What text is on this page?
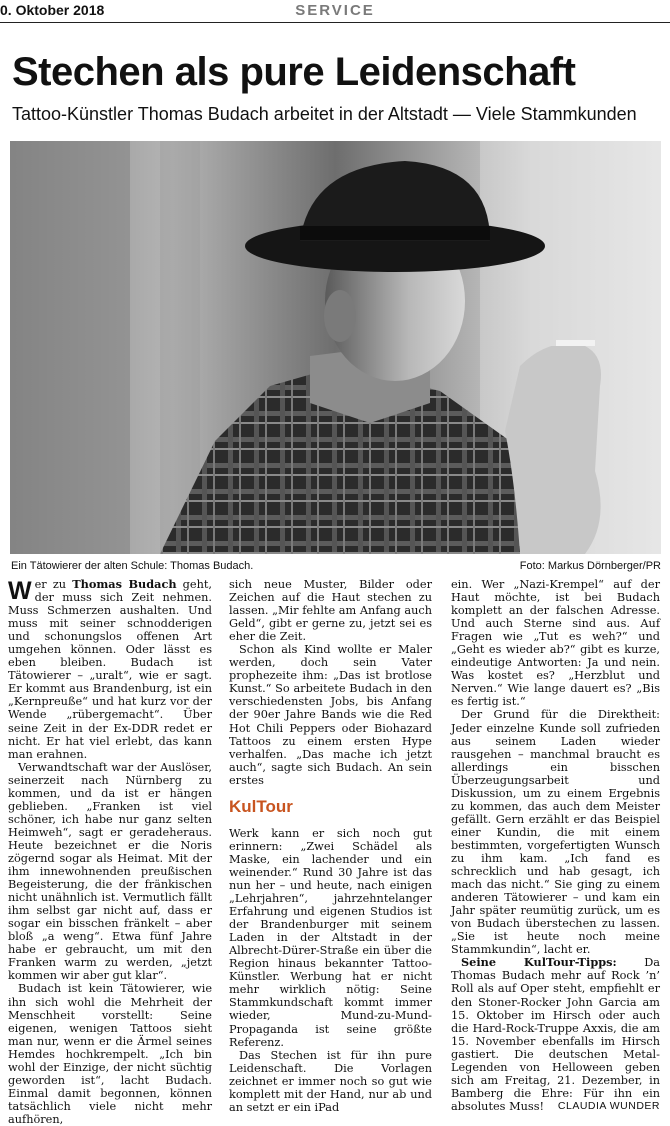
0. Oktober 2018	SERVICE
Stechen als pure Leidenschaft
Tattoo-Künstler Thomas Budach arbeitet in der Altstadt — Viele Stammkunden
Ein Tätowierer der alten Schule: Thomas Budach.	Foto: Markus Dörnberger/PR

Wer zu Thomas Budach geht, der muss sich Zeit nehmen. Muss Schmerzen aushalten. Und muss mit seiner schnodderigen und schonungslos offenen Art umgehen können. Oder lässt es eben bleiben. Budach ist Tätowierer – „uralt“, wie er sagt. Er kommt aus Brandenburg, ist ein „Kernpreuße“ und hat kurz vor der Wende „rübergemacht“. Über seine Zeit in der Ex-DDR redet er nicht. Er hat viel erlebt, das kann man erahnen.

Verwandtschaft war der Auslöser, seinerzeit nach Nürnberg zu kommen, und da ist er hängen geblieben. „Franken ist viel schöner, ich habe nur ganz selten Heimweh“, sagt er geradeheraus. Heute bezeichnet er die Noris zögernd sogar als Heimat. Mit der ihm innewohnenden preußischen Begeisterung, die der fränkischen nicht unähnlich ist. Vermutlich fällt ihm selbst gar nicht auf, dass er sogar ein bisschen fränkelt – aber bloß „a weng“. Etwa fünf Jahre habe er gebraucht, um mit den Franken warm zu werden, „jetzt kommen wir aber gut klar“.

Budach ist kein Tätowierer, wie ihn sich wohl die Mehrheit der Menschheit vorstellt: Seine eigenen, wenigen Tattoos sieht man nur, wenn er die Ärmel seines Hemdes hochkrempelt. „Ich bin wohl der Einzige, der nicht süchtig geworden ist“, lacht Budach. Einmal damit begonnen, können tatsächlich viele nicht mehr aufhören,

sich neue Muster, Bilder oder Zeichen auf die Haut stechen zu lassen. „Mir fehlte am Anfang auch Geld“, gibt er gerne zu, jetzt sei es eher die Zeit.

Schon als Kind wollte er Maler werden, doch sein Vater prophezeite ihm: „Das ist brotlose Kunst.“ So arbeitete Budach in den verschiedensten Jobs, bis Anfang der 90er Jahre Bands wie die Red Hot Chili Peppers oder Biohazard Tattoos zu einem ersten Hype verhalfen. „Das mache ich jetzt auch“, sagte sich Budach. An sein erstes

KulTour

Werk kann er sich noch gut erinnern: „Zwei Schädel als Maske, ein lachender und ein weinender.“ Rund 30 Jahre ist das nun her – und heute, nach einigen „Lehrjahren“, jahrzehntelanger Erfahrung und eigenen Studios ist der Brandenburger mit seinem Laden in der Altstadt in der Albrecht-Dürer-Straße ein über die Region hinaus bekannter Tattoo-Künstler. Werbung hat er nicht mehr wirklich nötig: Seine Stammkundschaft kommt immer wieder, Mund-zu-Mund-Propaganda ist seine größte Referenz.

Das Stechen ist für ihn pure Leidenschaft. Die Vorlagen zeichnet er immer noch so gut wie komplett mit der Hand, nur ab und an setzt er ein iPad

ein. Wer „Nazi-Krempel“ auf der Haut möchte, ist bei Budach komplett an der falschen Adresse. Und auch Sterne sind aus. Auf Fragen wie „Tut es weh?“ und „Geht es wieder ab?“ gibt es kurze, eindeutige Antworten: Ja und nein. Was kostet es? „Herzblut und Nerven.“ Wie lange dauert es? „Bis es fertig ist.“

Der Grund für die Direktheit: Jeder einzelne Kunde soll zufrieden aus seinem Laden wieder rausgehen – manchmal braucht es allerdings ein bisschen Überzeugungsarbeit und Diskussion, um zu einem Ergebnis zu kommen, das auch dem Meister gefällt. Gern erzählt er das Beispiel einer Kundin, die mit einem bestimmten, vorgefertigten Wunsch zu ihm kam. „Ich fand es schrecklich und hab gesagt, ich mach das nicht.“ Sie ging zu einem anderen Tätowierer – und kam ein Jahr später reumütig zurück, um es von Budach überstechen zu lassen. „Sie ist heute noch meine Stammkundin“, lacht er.

Seine KulTour-Tipps: Da Thomas Budach mehr auf Rock ’n’ Roll als auf Oper steht, empfiehlt er den Stoner-Rocker John Garcia am 15. Oktober im Hirsch oder auch die Hard-Rock-Truppe Axxis, die am 15. November ebenfalls im Hirsch gastiert. Die deutschen Metal-Legenden von Helloween geben sich am Freitag, 21. Dezember, in Bamberg die Ehre: Für ihn ein absolutes Muss!	CLAUDIA WUNDER
